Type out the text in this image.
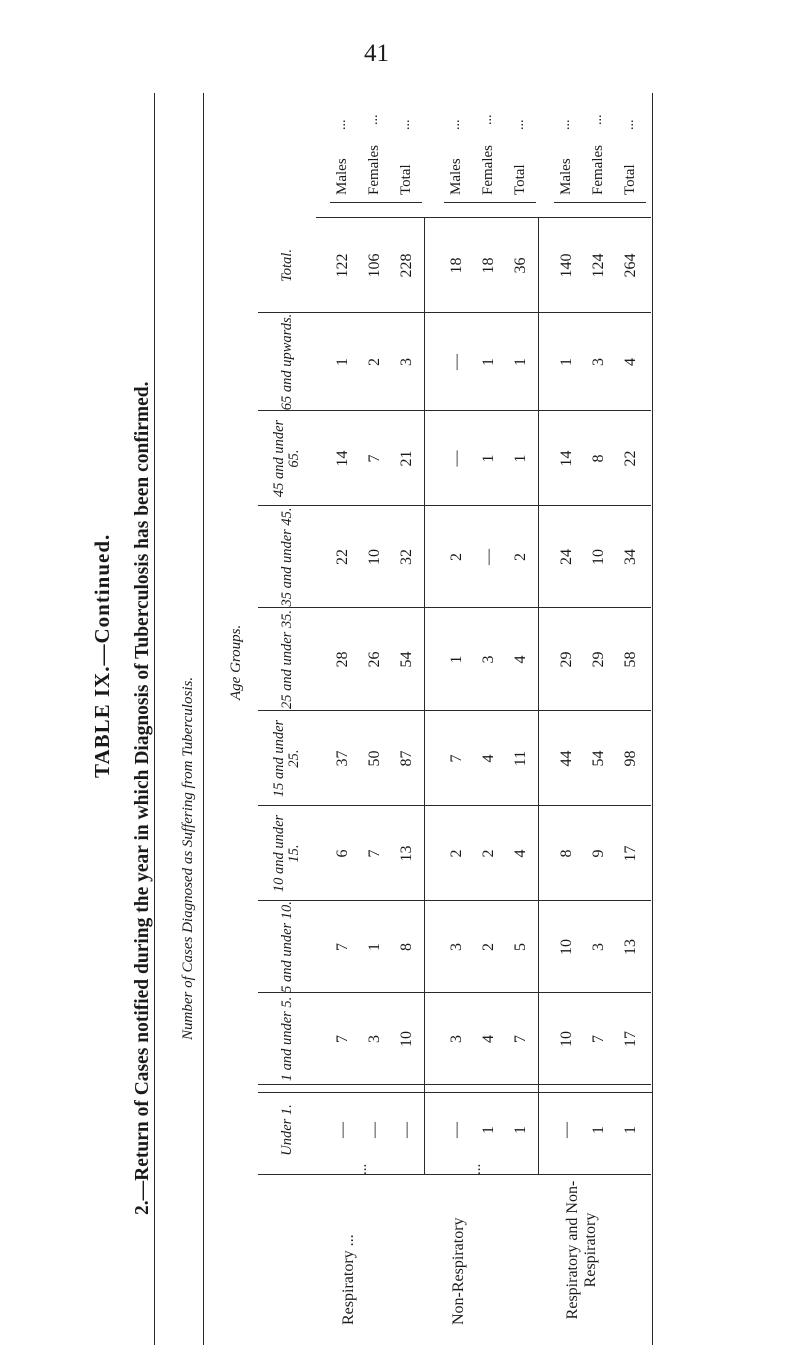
41
TABLE IX.—Continued. 2.—Return of Cases notified during the year in which Diagnosis of Tuberculosis has been confirmed. Number of Cases Diagnosed as Suffering from Tuberculosis.
Age Groups.
Under 1.
1 and under 5.
5 and under 10.
10 and under 15.
15 and under 25.
25 and under 35.
35 and under 45.
45 and under 65.
65 and upwards.
Total.
—
7
7
6
37
28
22
14
1
122
Males
...
—
3
1
7
50
26
10
7
2
106
Females
...
—
10
8
13
87
54
32
21
3
228
Total
...
—
3
3
2
7
1
2
—
—
18
Males
...
1
4
2
2
4
3
—
1
1
18
Females
...
1
7
5
4
11
4
2
1
1
36
Total
...
—
10
10
8
44
29
24
14
1
140
Males
...
1
7
3
9
54
29
10
8
3
124
Females
...
1
17
13
17
98
58
34
22
4
264
Total
...
Respiratory ...
...
Non-Respiratory
...
Respiratory and Non-Respiratory
